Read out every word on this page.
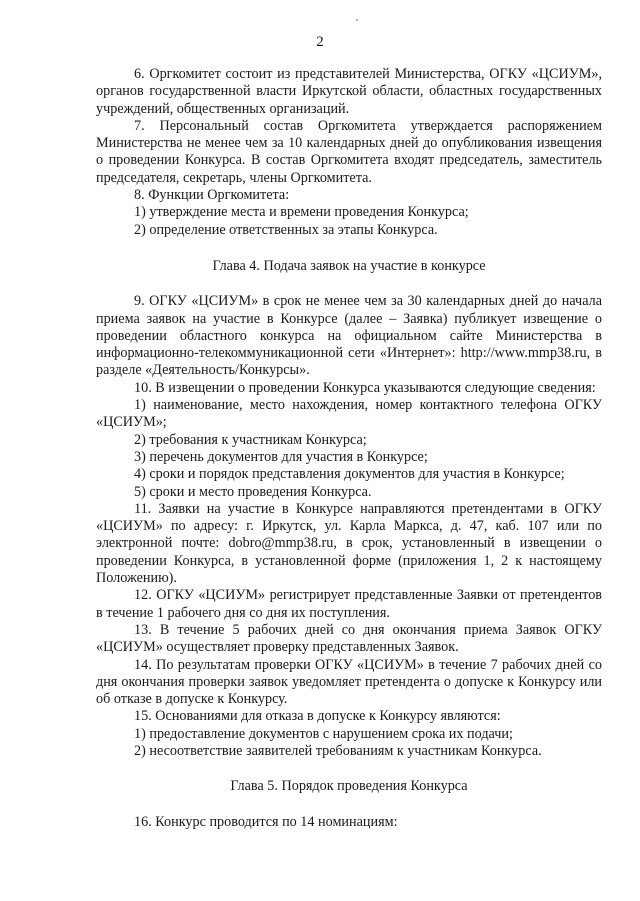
2

6. Оргкомитет состоит из представителей Министерства, ОГКУ «ЦСИУМ», органов государственной власти Иркутской области, областных государственных учреждений, общественных организаций.

7. Персональный состав Оргкомитета утверждается распоряжением Министерства не менее чем за 10 календарных дней до опубликования извещения о проведении Конкурса. В состав Оргкомитета входят председатель, заместитель председателя, секретарь, члены Оргкомитета.

8. Функции Оргкомитета:

1) утверждение места и времени проведения Конкурса;

2) определение ответственных за этапы Конкурса.

Глава 4. Подача заявок на участие в конкурсе

9. ОГКУ «ЦСИУМ» в срок не менее чем за 30 календарных дней до начала приема заявок на участие в Конкурсе (далее – Заявка) публикует извещение о проведении областного конкурса на официальном сайте Министерства в информационно-телекоммуникационной сети «Интернет»: http://www.mmp38.ru, в разделе «Деятельность/Конкурсы».

10. В извещении о проведении Конкурса указываются следующие сведения:

1) наименование, место нахождения, номер контактного телефона ОГКУ «ЦСИУМ»;

2) требования к участникам Конкурса;

3) перечень документов для участия в Конкурсе;

4) сроки и порядок представления документов для участия в Конкурсе;

5) сроки и место проведения Конкурса.

11. Заявки на участие в Конкурсе направляются претендентами в ОГКУ «ЦСИУМ» по адресу: г. Иркутск, ул. Карла Маркса, д. 47, каб. 107 или по электронной почте: dobro@mmp38.ru, в срок, установленный в извещении о проведении Конкурса, в установленной форме (приложения 1, 2 к настоящему Положению).

12. ОГКУ «ЦСИУМ» регистрирует представленные Заявки от претендентов в течение 1 рабочего дня со дня их поступления.

13. В течение 5 рабочих дней со дня окончания приема Заявок ОГКУ «ЦСИУМ» осуществляет проверку представленных Заявок.

14. По результатам проверки ОГКУ «ЦСИУМ» в течение 7 рабочих дней со дня окончания проверки заявок уведомляет претендента о допуске к Конкурсу или об отказе в допуске к Конкурсу.

15. Основаниями для отказа в допуске к Конкурсу являются:

1) предоставление документов с нарушением срока их подачи;

2) несоответствие заявителей требованиям к участникам Конкурса.

Глава 5. Порядок проведения Конкурса

16. Конкурс проводится по 14 номинациям:
